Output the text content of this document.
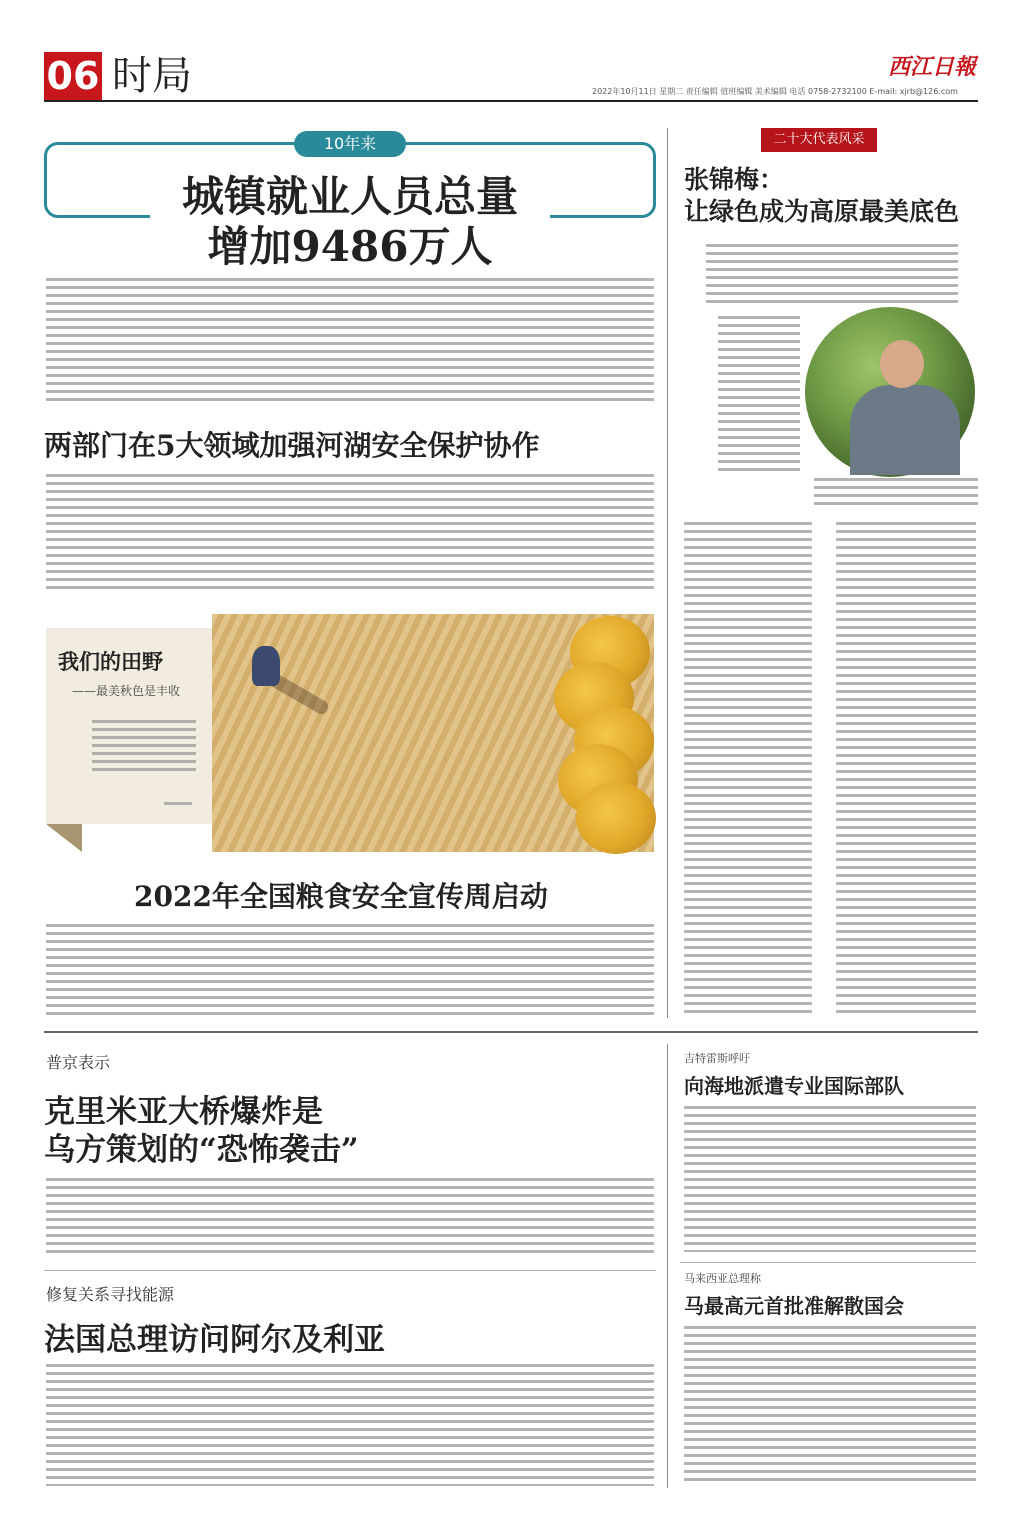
06 时局	西江日報
2022年10月11日 星期二 责任编辑 值班编辑 美术编辑 电话 0758-2732100 E-mail: xjrb@126.com
10年来
城镇就业人员总量
增加9486万人
两部门在5大领域加强河湖安全保护协作
我们的田野
——最美秋色是丰收
2022年全国粮食安全宣传周启动
二十大代表风采
张锦梅：
让绿色成为高原最美底色
普京表示
克里米亚大桥爆炸是
乌方策划的“恐怖袭击”
修复关系寻找能源
法国总理访问阿尔及利亚
吉特雷斯呼吁
向海地派遣专业国际部队
马来西亚总理称
马最高元首批准解散国会
